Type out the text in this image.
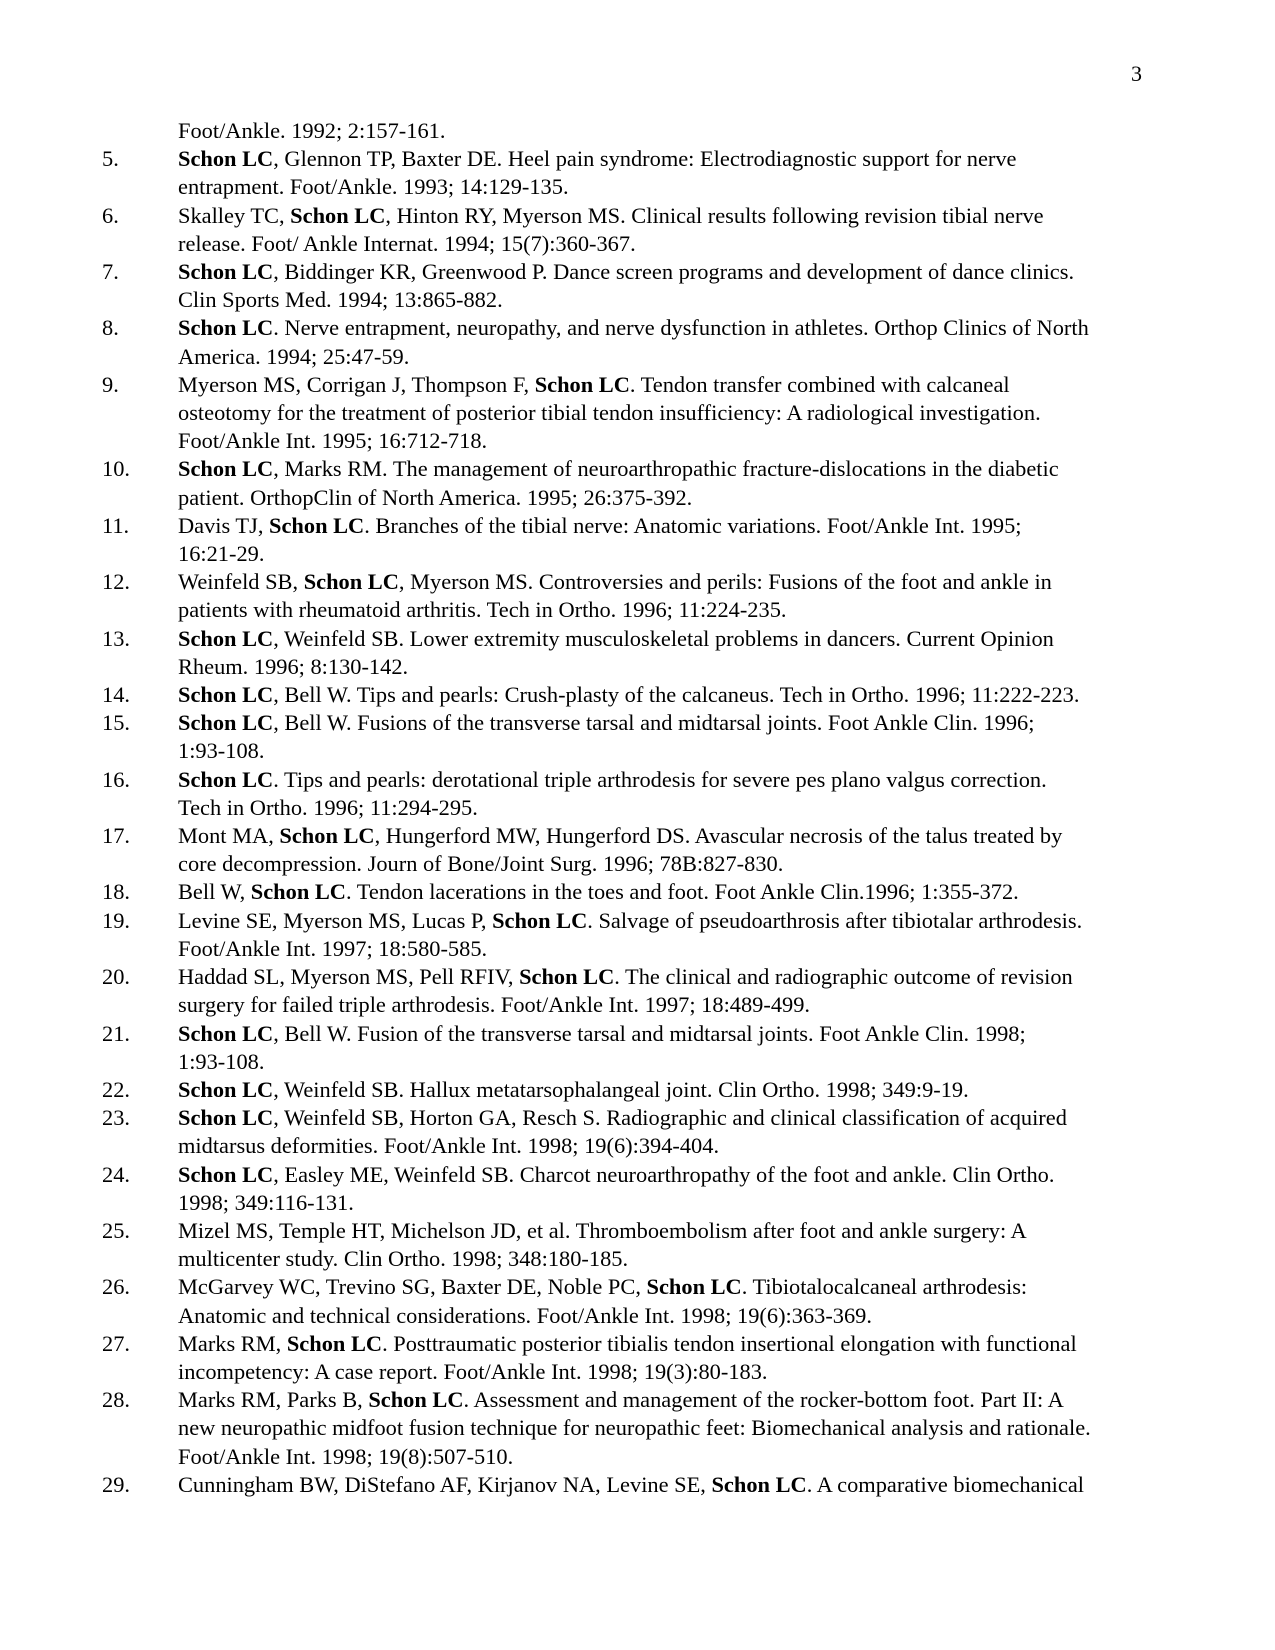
3
Foot/Ankle. 1992; 2:157-161.
5.	Schon LC, Glennon TP, Baxter DE. Heel pain syndrome: Electrodiagnostic support for nerve
entrapment. Foot/Ankle. 1993; 14:129-135.
6.	Skalley TC, Schon LC, Hinton RY, Myerson MS. Clinical results following revision tibial nerve
release. Foot/ Ankle Internat. 1994; 15(7):360-367.
7.	Schon LC, Biddinger KR, Greenwood P. Dance screen programs and development of dance clinics.
Clin Sports Med. 1994; 13:865-882.
8.	Schon LC. Nerve entrapment, neuropathy, and nerve dysfunction in athletes. Orthop Clinics of North
America. 1994; 25:47-59.
9.	Myerson MS, Corrigan J, Thompson F, Schon LC. Tendon transfer combined with calcaneal
osteotomy for the treatment of posterior tibial tendon insufficiency: A radiological investigation.
Foot/Ankle Int. 1995; 16:712-718.
10. Schon LC, Marks RM. The management of neuroarthropathic fracture-dislocations in the diabetic
patient. OrthopClin of North America. 1995; 26:375-392.
11. Davis TJ, Schon LC. Branches of the tibial nerve: Anatomic variations. Foot/Ankle Int. 1995;
16:21-29.
12. Weinfeld SB, Schon LC, Myerson MS. Controversies and perils: Fusions of the foot and ankle in
patients with rheumatoid arthritis. Tech in Ortho. 1996; 11:224-235.
13. Schon LC, Weinfeld SB. Lower extremity musculoskeletal problems in dancers. Current Opinion
Rheum. 1996; 8:130-142.
14. Schon LC, Bell W. Tips and pearls: Crush-plasty of the calcaneus. Tech in Ortho. 1996; 11:222-223.
15. Schon LC, Bell W. Fusions of the transverse tarsal and midtarsal joints. Foot Ankle Clin. 1996;
1:93-108.
16. Schon LC. Tips and pearls: derotational triple arthrodesis for severe pes plano valgus correction.
Tech in Ortho. 1996; 11:294-295.
17. Mont MA, Schon LC, Hungerford MW, Hungerford DS. Avascular necrosis of the talus treated by
core decompression. Journ of Bone/Joint Surg. 1996; 78B:827-830.
18. Bell W, Schon LC. Tendon lacerations in the toes and foot. Foot Ankle Clin.1996; 1:355-372.
19. Levine SE, Myerson MS, Lucas P, Schon LC. Salvage of pseudoarthrosis after tibiotalar arthrodesis.
Foot/Ankle Int. 1997; 18:580-585.
20. Haddad SL, Myerson MS, Pell RFIV, Schon LC. The clinical and radiographic outcome of revision
surgery for failed triple arthrodesis. Foot/Ankle Int. 1997; 18:489-499.
21. Schon LC, Bell W. Fusion of the transverse tarsal and midtarsal joints. Foot Ankle Clin. 1998;
1:93-108.
22. Schon LC, Weinfeld SB. Hallux metatarsophalangeal joint. Clin Ortho. 1998; 349:9-19.
23. Schon LC, Weinfeld SB, Horton GA, Resch S. Radiographic and clinical classification of acquired
midtarsus deformities. Foot/Ankle Int. 1998; 19(6):394-404.
24. Schon LC, Easley ME, Weinfeld SB. Charcot neuroarthropathy of the foot and ankle. Clin Ortho.
1998; 349:116-131.
25. Mizel MS, Temple HT, Michelson JD, et al. Thromboembolism after foot and ankle surgery: A
multicenter study. Clin Ortho. 1998; 348:180-185.
26. McGarvey WC, Trevino SG, Baxter DE, Noble PC, Schon LC. Tibiotalocalcaneal arthrodesis:
Anatomic and technical considerations. Foot/Ankle Int. 1998; 19(6):363-369.
27. Marks RM, Schon LC. Posttraumatic posterior tibialis tendon insertional elongation with functional
incompetency: A case report. Foot/Ankle Int. 1998; 19(3):80-183.
28. Marks RM, Parks B, Schon LC. Assessment and management of the rocker-bottom foot. Part II: A
new neuropathic midfoot fusion technique for neuropathic feet: Biomechanical analysis and rationale.
Foot/Ankle Int. 1998; 19(8):507-510.
29. Cunningham BW, DiStefano AF, Kirjanov NA, Levine SE, Schon LC. A comparative biomechanical
